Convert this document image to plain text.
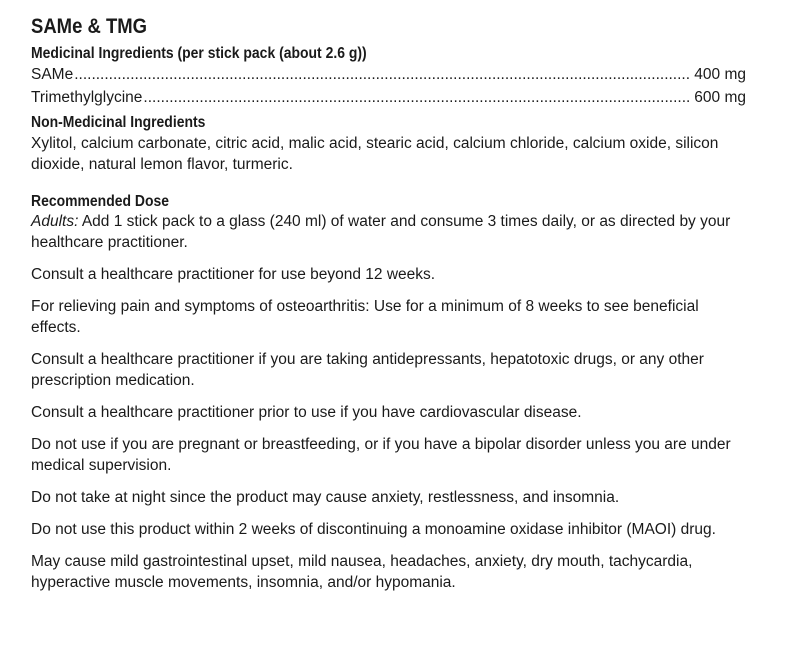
SAMe & TMG
Medicinal Ingredients (per stick pack (about 2.6 g))
SAMe .....	400 mg
Trimethylglycine .....	600 mg
Non-Medicinal Ingredients

Xylitol, calcium carbonate, citric acid, malic acid, stearic acid, calcium chloride, calcium oxide, silicon dioxide, natural lemon flavor, turmeric.

Recommended Dose

Adults: Add 1 stick pack to a glass (240 ml) of water and consume 3 times daily, or as directed by your healthcare practitioner.

Consult a healthcare practitioner for use beyond 12 weeks.

For relieving pain and symptoms of osteoarthritis: Use for a minimum of 8 weeks to see beneficial effects.

Consult a healthcare practitioner if you are taking antidepressants, hepatotoxic drugs, or any other prescription medication.

Consult a healthcare practitioner prior to use if you have cardiovascular disease.

Do not use if you are pregnant or breastfeeding, or if you have a bipolar disorder unless you are under medical supervision.

Do not take at night since the product may cause anxiety, restlessness, and insomnia.

Do not use this product within 2 weeks of discontinuing a monoamine oxidase inhibitor (MAOI) drug.

May cause mild gastrointestinal upset, mild nausea, headaches, anxiety, dry mouth, tachycardia, hyperactive muscle movements, insomnia, and/or hypomania.
